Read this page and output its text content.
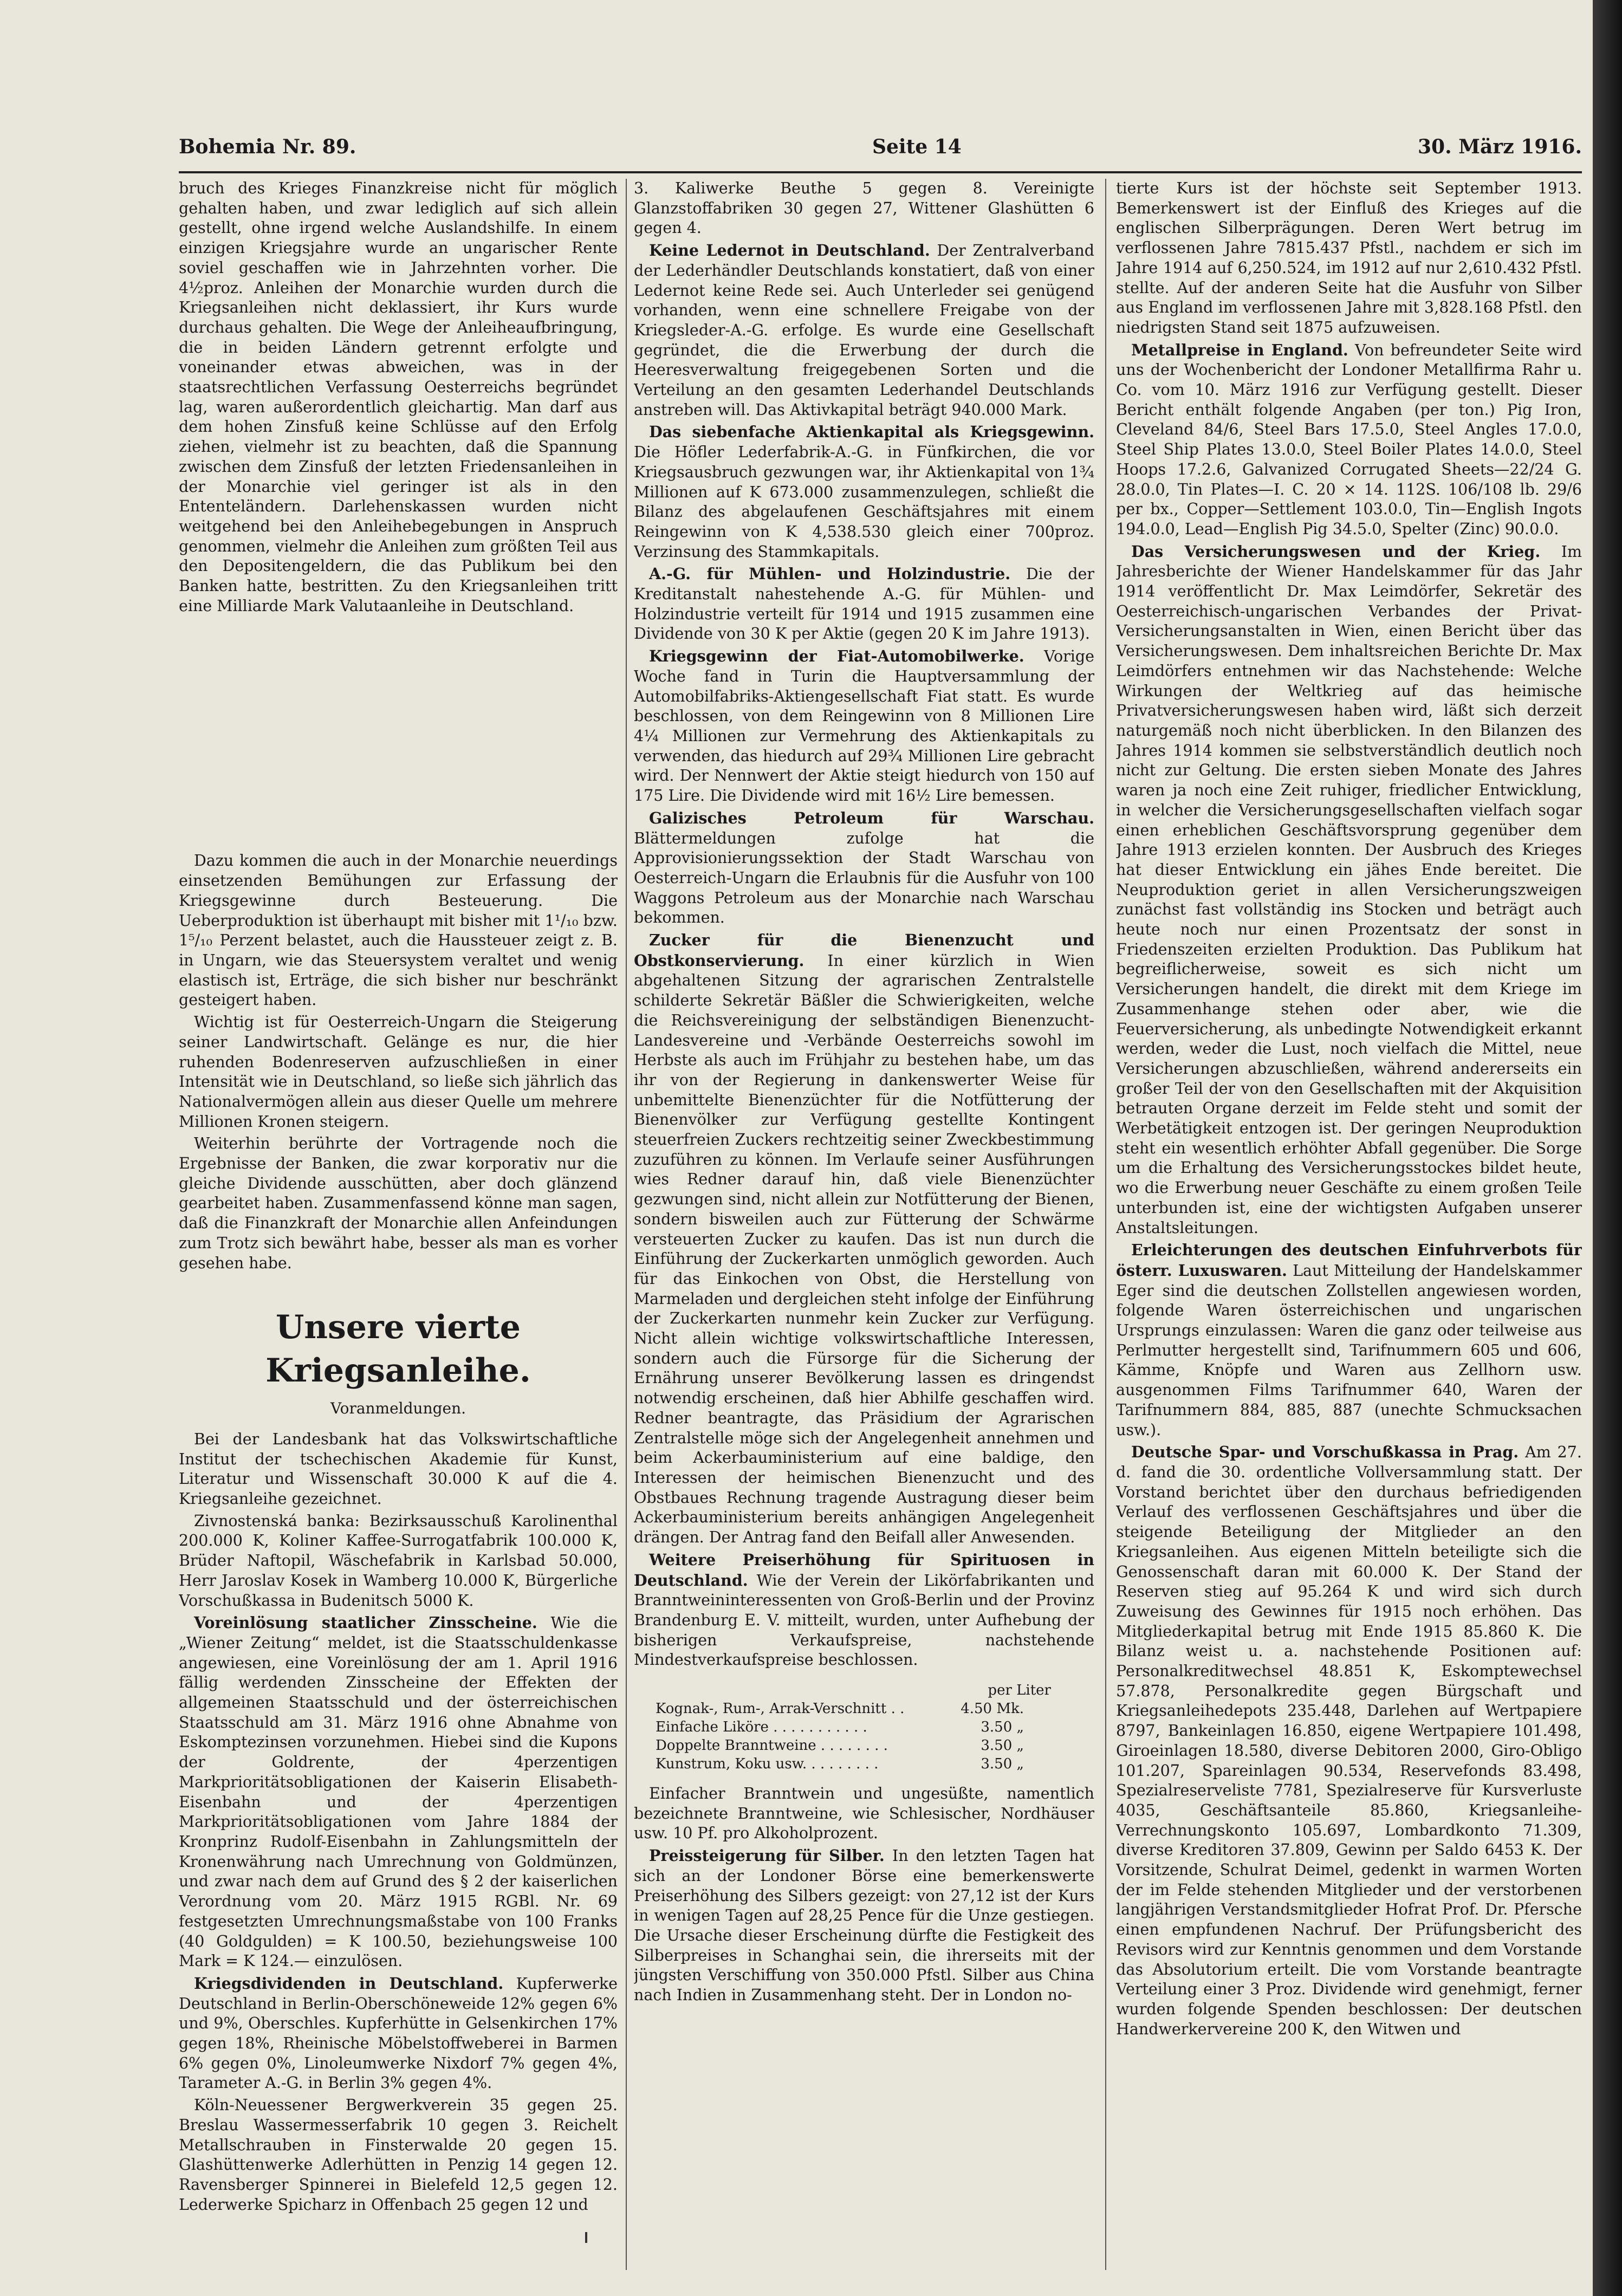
Bohemia Nr. 89.	Seite 14	30. März 1916.

bruch des Krieges Finanzkreise nicht für möglich gehalten haben, und zwar lediglich auf sich allein gestellt, ohne irgend welche Auslandshilfe. In einem einzigen Kriegsjahre wurde an ungarischer Rente soviel geschaffen wie in Jahrzehnten vorher. Die 4½proz. Anleihen der Monarchie wurden durch die Kriegsanleihen nicht deklassiert, ihr Kurs wurde durchaus gehalten. Die Wege der Anleiheaufbringung, die in beiden Ländern getrennt erfolgte und voneinander etwas abweichen, was in der staatsrechtlichen Verfassung Oesterreichs begründet lag, waren außerordentlich gleichartig. Man darf aus dem hohen Zinsfuß keine Schlüsse auf den Erfolg ziehen, vielmehr ist zu beachten, daß die Spannung zwischen dem Zinsfuß der letzten Friedensanleihen in der Monarchie viel geringer ist als in den Ententeländern. Darlehenskassen wurden nicht weitgehend bei den Anleihebegebungen in Anspruch genommen, vielmehr die Anleihen zum größten Teil aus den Depositengeldern, die das Publikum bei den Banken hatte, bestritten. Zu den Kriegsanleihen tritt eine Milliarde Mark Valutaanleihe in Deutschland.

Dazu kommen die auch in der Monarchie neuerdings einsetzenden Bemühungen zur Erfassung der Kriegsgewinne durch Besteuerung. Die Ueberproduktion ist überhaupt mit bisher mit 1¹/₁₀ bzw. 1⁵/₁₀ Perzent belastet, auch die Haussteuer zeigt z. B. in Ungarn, wie das Steuersystem veraltet und wenig elastisch ist, Erträge, die sich bisher nur beschränkt gesteigert haben.

Wichtig ist für Oesterreich-Ungarn die Steigerung seiner Landwirtschaft. Gelänge es nur, die hier ruhenden Bodenreserven aufzuschließen in einer Intensität wie in Deutschland, so ließe sich jährlich das Nationalvermögen allein aus dieser Quelle um mehrere Millionen Kronen steigern.

Weiterhin berührte der Vortragende noch die Ergebnisse der Banken, die zwar korporativ nur die gleiche Dividende ausschütten, aber doch glänzend gearbeitet haben. Zusammenfassend könne man sagen, daß die Finanzkraft der Monarchie allen Anfeindungen zum Trotz sich bewährt habe, besser als man es vorher gesehen habe.

Unsere vierte Kriegsanleihe.
Voranmeldungen.

Bei der Landesbank hat das Volkswirtschaftliche Institut der tschechischen Akademie für Kunst, Literatur und Wissenschaft 30.000 K auf die 4. Kriegsanleihe gezeichnet.

Zivnostenská banka: Bezirksausschuß Karolinenthal 200.000 K, Koliner Kaffee-Surrogatfabrik 100.000 K, Brüder Naftopil, Wäschefabrik in Karlsbad 50.000, Herr Jaroslav Kosek in Wamberg 10.000 K, Bürgerliche Vorschußkassa in Budenitsch 5000 K.

Voreinlösung staatlicher Zinsscheine. Wie die „Wiener Zeitung“ meldet, ist die Staatsschuldenkasse angewiesen, eine Voreinlösung der am 1. April 1916 fällig werdenden Zinsscheine der Effekten der allgemeinen Staatsschuld und der österreichischen Staatsschuld am 31. März 1916 ohne Abnahme von Eskomptezinsen vorzunehmen. Hiebei sind die Kupons der Goldrente, der 4perzentigen Markprioritätsobligationen der Kaiserin Elisabeth-Eisenbahn und der 4perzentigen Markprioritätsobligationen vom Jahre 1884 der Kronprinz Rudolf-Eisenbahn in Zahlungsmitteln der Kronenwährung nach Umrechnung von Goldmünzen, und zwar nach dem auf Grund des § 2 der kaiserlichen Verordnung vom 20. März 1915 RGBl. Nr. 69 festgesetzten Umrechnungsmaßstabe von 100 Franks (40 Goldgulden) = K 100.50, beziehungsweise 100 Mark = K 124.— einzulösen.

Kriegsdividenden in Deutschland. Kupferwerke Deutschland in Berlin-Oberschöneweide 12% gegen 6% und 9%, Oberschles. Kupferhütte in Gelsenkirchen 17% gegen 18%, Rheinische Möbelstoffweberei in Barmen 6% gegen 0%, Linoleumwerke Nixdorf 7% gegen 4%, Tarameter A.-G. in Berlin 3% gegen 4%.

Köln-Neuessener Bergwerkverein 35 gegen 25. Breslau Wassermesserfabrik 10 gegen 3. Reichelt Metallschrauben in Finsterwalde 20 gegen 15. Glashüttenwerke Adlerhütten in Penzig 14 gegen 12. Ravensberger Spinnerei in Bielefeld 12,5 gegen 12. Lederwerke Spicharz in Offenbach 25 gegen 12 und

3. Kaliwerke Beuthe 5 gegen 8. Vereinigte Glanzstoffabriken 30 gegen 27, Wittener Glashütten 6 gegen 4.

Keine Ledernot in Deutschland. Der Zentralverband der Lederhändler Deutschlands konstatiert, daß von einer Ledernot keine Rede sei. Auch Unterleder sei genügend vorhanden, wenn eine schnellere Freigabe von der Kriegsleder-A.-G. erfolge. Es wurde eine Gesellschaft gegründet, die die Erwerbung der durch die Heeresverwaltung freigegebenen Sorten und die Verteilung an den gesamten Lederhandel Deutschlands anstreben will. Das Aktivkapital beträgt 940.000 Mark.

Das siebenfache Aktienkapital als Kriegsgewinn. Die Höfler Lederfabrik-A.-G. in Fünfkirchen, die vor Kriegsausbruch gezwungen war, ihr Aktienkapital von 1¾ Millionen auf K 673.000 zusammenzulegen, schließt die Bilanz des abgelaufenen Geschäftsjahres mit einem Reingewinn von K 4,538.530 gleich einer 700proz. Verzinsung des Stammkapitals.

A.-G. für Mühlen- und Holzindustrie. Die der Kreditanstalt nahestehende A.-G. für Mühlen- und Holzindustrie verteilt für 1914 und 1915 zusammen eine Dividende von 30 K per Aktie (gegen 20 K im Jahre 1913).

Kriegsgewinn der Fiat-Automobilwerke. Vorige Woche fand in Turin die Hauptversammlung der Automobilfabriks-Aktiengesellschaft Fiat statt. Es wurde beschlossen, von dem Reingewinn von 8 Millionen Lire 4¼ Millionen zur Vermehrung des Aktienkapitals zu verwenden, das hiedurch auf 29¾ Millionen Lire gebracht wird. Der Nennwert der Aktie steigt hiedurch von 150 auf 175 Lire. Die Dividende wird mit 16½ Lire bemessen.

Galizisches Petroleum für Warschau. Blättermeldungen zufolge hat die Approvisionierungssektion der Stadt Warschau von Oesterreich-Ungarn die Erlaubnis für die Ausfuhr von 100 Waggons Petroleum aus der Monarchie nach Warschau bekommen.

Zucker für die Bienenzucht und Obstkonservierung. In einer kürzlich in Wien abgehaltenen Sitzung der agrarischen Zentralstelle schilderte Sekretär Bäßler die Schwierigkeiten, welche die Reichsvereinigung der selbständigen Bienenzucht-Landesvereine und -Verbände Oesterreichs sowohl im Herbste als auch im Frühjahr zu bestehen habe, um das ihr von der Regierung in dankenswerter Weise für unbemittelte Bienenzüchter für die Notfütterung der Bienenvölker zur Verfügung gestellte Kontingent steuerfreien Zuckers rechtzeitig seiner Zweckbestimmung zuzuführen zu können. Im Verlaufe seiner Ausführungen wies Redner darauf hin, daß viele Bienenzüchter gezwungen sind, nicht allein zur Notfütterung der Bienen, sondern bisweilen auch zur Fütterung der Schwärme versteuerten Zucker zu kaufen. Das ist nun durch die Einführung der Zuckerkarten unmöglich geworden. Auch für das Einkochen von Obst, die Herstellung von Marmeladen und dergleichen steht infolge der Einführung der Zuckerkarten nunmehr kein Zucker zur Verfügung. Nicht allein wichtige volkswirtschaftliche Interessen, sondern auch die Fürsorge für die Sicherung der Ernährung unserer Bevölkerung lassen es dringendst notwendig erscheinen, daß hier Abhilfe geschaffen wird. Redner beantragte, das Präsidium der Agrarischen Zentralstelle möge sich der Angelegenheit annehmen und beim Ackerbauministerium auf eine baldige, den Interessen der heimischen Bienenzucht und des Obstbaues Rechnung tragende Austragung dieser beim Ackerbauministerium bereits anhängigen Angelegenheit drängen. Der Antrag fand den Beifall aller Anwesenden.

Weitere Preiserhöhung für Spirituosen in Deutschland. Wie der Verein der Likörfabrikanten und Branntweininteressenten von Groß-Berlin und der Provinz Brandenburg E. V. mitteilt, wurden, unter Aufhebung der bisherigen Verkaufspreise, nachstehende Mindestverkaufspreise beschlossen.

per Liter
Kognak-, Rum-, Arrak-Verschnitt . .	4.50 Mk.
Einfache Liköre . . . . . . . . . . .	3.50 „
Doppelte Branntweine . . . . . . . .	3.50 „
Kunstrum, Koku usw. . . . . . . . .	3.50 „

Einfacher Branntwein und ungesüßte, namentlich bezeichnete Branntweine, wie Schlesischer, Nordhäuser usw. 10 Pf. pro Alkoholprozent.

Preissteigerung für Silber. In den letzten Tagen hat sich an der Londoner Börse eine bemerkenswerte Preiserhöhung des Silbers gezeigt: von 27,12 ist der Kurs in wenigen Tagen auf 28,25 Pence für die Unze gestiegen. Die Ursache dieser Erscheinung dürfte die Festigkeit des Silberpreises in Schanghai sein, die ihrerseits mit der jüngsten Verschiffung von 350.000 Pfstl. Silber aus China nach Indien in Zusammenhang steht. Der in London no-

tierte Kurs ist der höchste seit September 1913. Bemerkenswert ist der Einfluß des Krieges auf die englischen Silberprägungen. Deren Wert betrug im verflossenen Jahre 7815.437 Pfstl., nachdem er sich im Jahre 1914 auf 6,250.524, im 1912 auf nur 2,610.432 Pfstl. stellte. Auf der anderen Seite hat die Ausfuhr von Silber aus England im verflossenen Jahre mit 3,828.168 Pfstl. den niedrigsten Stand seit 1875 aufzuweisen.

Metallpreise in England. Von befreundeter Seite wird uns der Wochenbericht der Londoner Metallfirma Rahr u. Co. vom 10. März 1916 zur Verfügung gestellt. Dieser Bericht enthält folgende Angaben (per ton.) Pig Iron, Cleveland 84/6, Steel Bars 17.5.0, Steel Angles 17.0.0, Steel Ship Plates 13.0.0, Steel Boiler Plates 14.0.0, Steel Hoops 17.2.6, Galvanized Corrugated Sheets—22/24 G. 28.0.0, Tin Plates—I. C. 20 × 14. 112S. 106/108 lb. 29/6 per bx., Copper—Settlement 103.0.0, Tin—English Ingots 194.0.0, Lead—English Pig 34.5.0, Spelter (Zinc) 90.0.0.

Das Versicherungswesen und der Krieg. Im Jahresberichte der Wiener Handelskammer für das Jahr 1914 veröffentlicht Dr. Max Leimdörfer, Sekretär des Oesterreichisch-ungarischen Verbandes der Privat-Versicherungsanstalten in Wien, einen Bericht über das Versicherungswesen. Dem inhaltsreichen Berichte Dr. Max Leimdörfers entnehmen wir das Nachstehende: Welche Wirkungen der Weltkrieg auf das heimische Privatversicherungswesen haben wird, läßt sich derzeit naturgemäß noch nicht überblicken. In den Bilanzen des Jahres 1914 kommen sie selbstverständlich deutlich noch nicht zur Geltung. Die ersten sieben Monate des Jahres waren ja noch eine Zeit ruhiger, friedlicher Entwicklung, in welcher die Versicherungsgesellschaften vielfach sogar einen erheblichen Geschäftsvorsprung gegenüber dem Jahre 1913 erzielen konnten. Der Ausbruch des Krieges hat dieser Entwicklung ein jähes Ende bereitet. Die Neuproduktion geriet in allen Versicherungszweigen zunächst fast vollständig ins Stocken und beträgt auch heute noch nur einen Prozentsatz der sonst in Friedenszeiten erzielten Produktion. Das Publikum hat begreiflicherweise, soweit es sich nicht um Versicherungen handelt, die direkt mit dem Kriege im Zusammenhange stehen oder aber, wie die Feuerversicherung, als unbedingte Notwendigkeit erkannt werden, weder die Lust, noch vielfach die Mittel, neue Versicherungen abzuschließen, während andererseits ein großer Teil der von den Gesellschaften mit der Akquisition betrauten Organe derzeit im Felde steht und somit der Werbetätigkeit entzogen ist. Der geringen Neuproduktion steht ein wesentlich erhöhter Abfall gegenüber. Die Sorge um die Erhaltung des Versicherungsstockes bildet heute, wo die Erwerbung neuer Geschäfte zu einem großen Teile unterbunden ist, eine der wichtigsten Aufgaben unserer Anstaltsleitungen.

Erleichterungen des deutschen Einfuhrverbots für österr. Luxuswaren. Laut Mitteilung der Handelskammer Eger sind die deutschen Zollstellen angewiesen worden, folgende Waren österreichischen und ungarischen Ursprungs einzulassen: Waren die ganz oder teilweise aus Perlmutter hergestellt sind, Tarifnummern 605 und 606, Kämme, Knöpfe und Waren aus Zellhorn usw. ausgenommen Films Tarifnummer 640, Waren der Tarifnummern 884, 885, 887 (unechte Schmucksachen usw.).

Deutsche Spar- und Vorschußkassa in Prag. Am 27. d. fand die 30. ordentliche Vollversammlung statt. Der Vorstand berichtet über den durchaus befriedigenden Verlauf des verflossenen Geschäftsjahres und über die steigende Beteiligung der Mitglieder an den Kriegsanleihen. Aus eigenen Mitteln beteiligte sich die Genossenschaft daran mit 60.000 K. Der Stand der Reserven stieg auf 95.264 K und wird sich durch Zuweisung des Gewinnes für 1915 noch erhöhen. Das Mitgliederkapital betrug mit Ende 1915 85.860 K. Die Bilanz weist u. a. nachstehende Positionen auf: Personalkreditwechsel 48.851 K, Eskomptewechsel 57.878, Personalkredite gegen Bürgschaft und Kriegsanleihedepots 235.448, Darlehen auf Wertpapiere 8797, Bankeinlagen 16.850, eigene Wertpapiere 101.498, Giroeinlagen 18.580, diverse Debitoren 2000, Giro-Obligo 101.207, Spareinlagen 90.534, Reservefonds 83.498, Spezialreserveliste 7781, Spezialreserve für Kursverluste 4035, Geschäftsanteile 85.860, Kriegsanleihe-Verrechnungskonto 105.697, Lombardkonto 71.309, diverse Kreditoren 37.809, Gewinn per Saldo 6453 K. Der Vorsitzende, Schulrat Deimel, gedenkt in warmen Worten der im Felde stehenden Mitglieder und der verstorbenen langjährigen Verstandsmitglieder Hofrat Prof. Dr. Pfersche einen empfundenen Nachruf. Der Prüfungsbericht des Revisors wird zur Kenntnis genommen und dem Vorstande das Absolutorium erteilt. Die vom Vorstande beantragte Verteilung einer 3 Proz. Dividende wird genehmigt, ferner wurden folgende Spenden beschlossen: Der deutschen Handwerkervereine 200 K, den Witwen und
